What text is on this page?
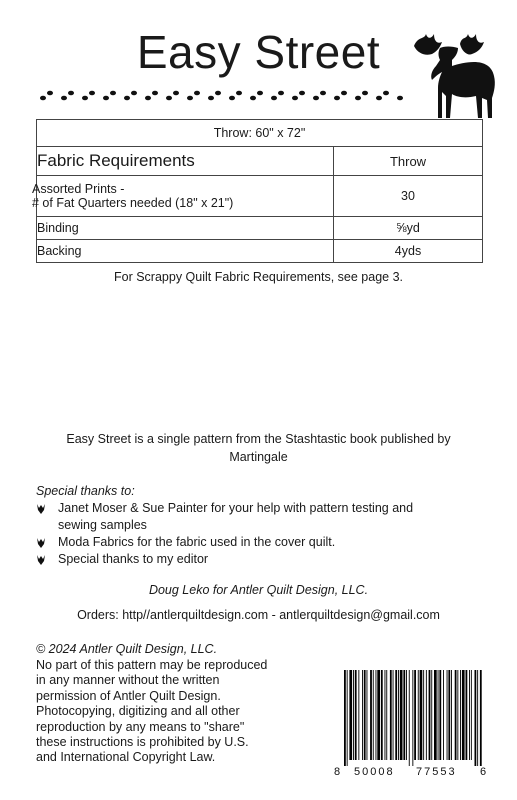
Easy Street
Throw: 60" x 72"	
Fabric Requirements	Throw

Assorted Prints -
# of Fat Quarters needed (18" x 21")	30
Binding	⅝yd
Backing	4yds
For Scrappy Quilt Fabric Requirements, see page 3.
Easy Street is a single pattern from the Stashtastic book published by
Martingale
Special thanks to:
Janet Moser & Sue Painter for your help with pattern testing and
sewing samples
Moda Fabrics for the fabric used in the cover quilt.
Special thanks to my editor
Doug Leko for Antler Quilt Design, LLC.
Orders: http//antlerquiltdesign.com - antlerquiltdesign@gmail.com
© 2024 Antler Quilt Design, LLC.
No part of this pattern may be reproduced
in any manner without the written
permission of Antler Quilt Design.
Photocopying, digitizing and all other
reproduction by any means to "share"
these instructions is prohibited by U.S.
and International Copyright Law.
8 50008 77553 6
